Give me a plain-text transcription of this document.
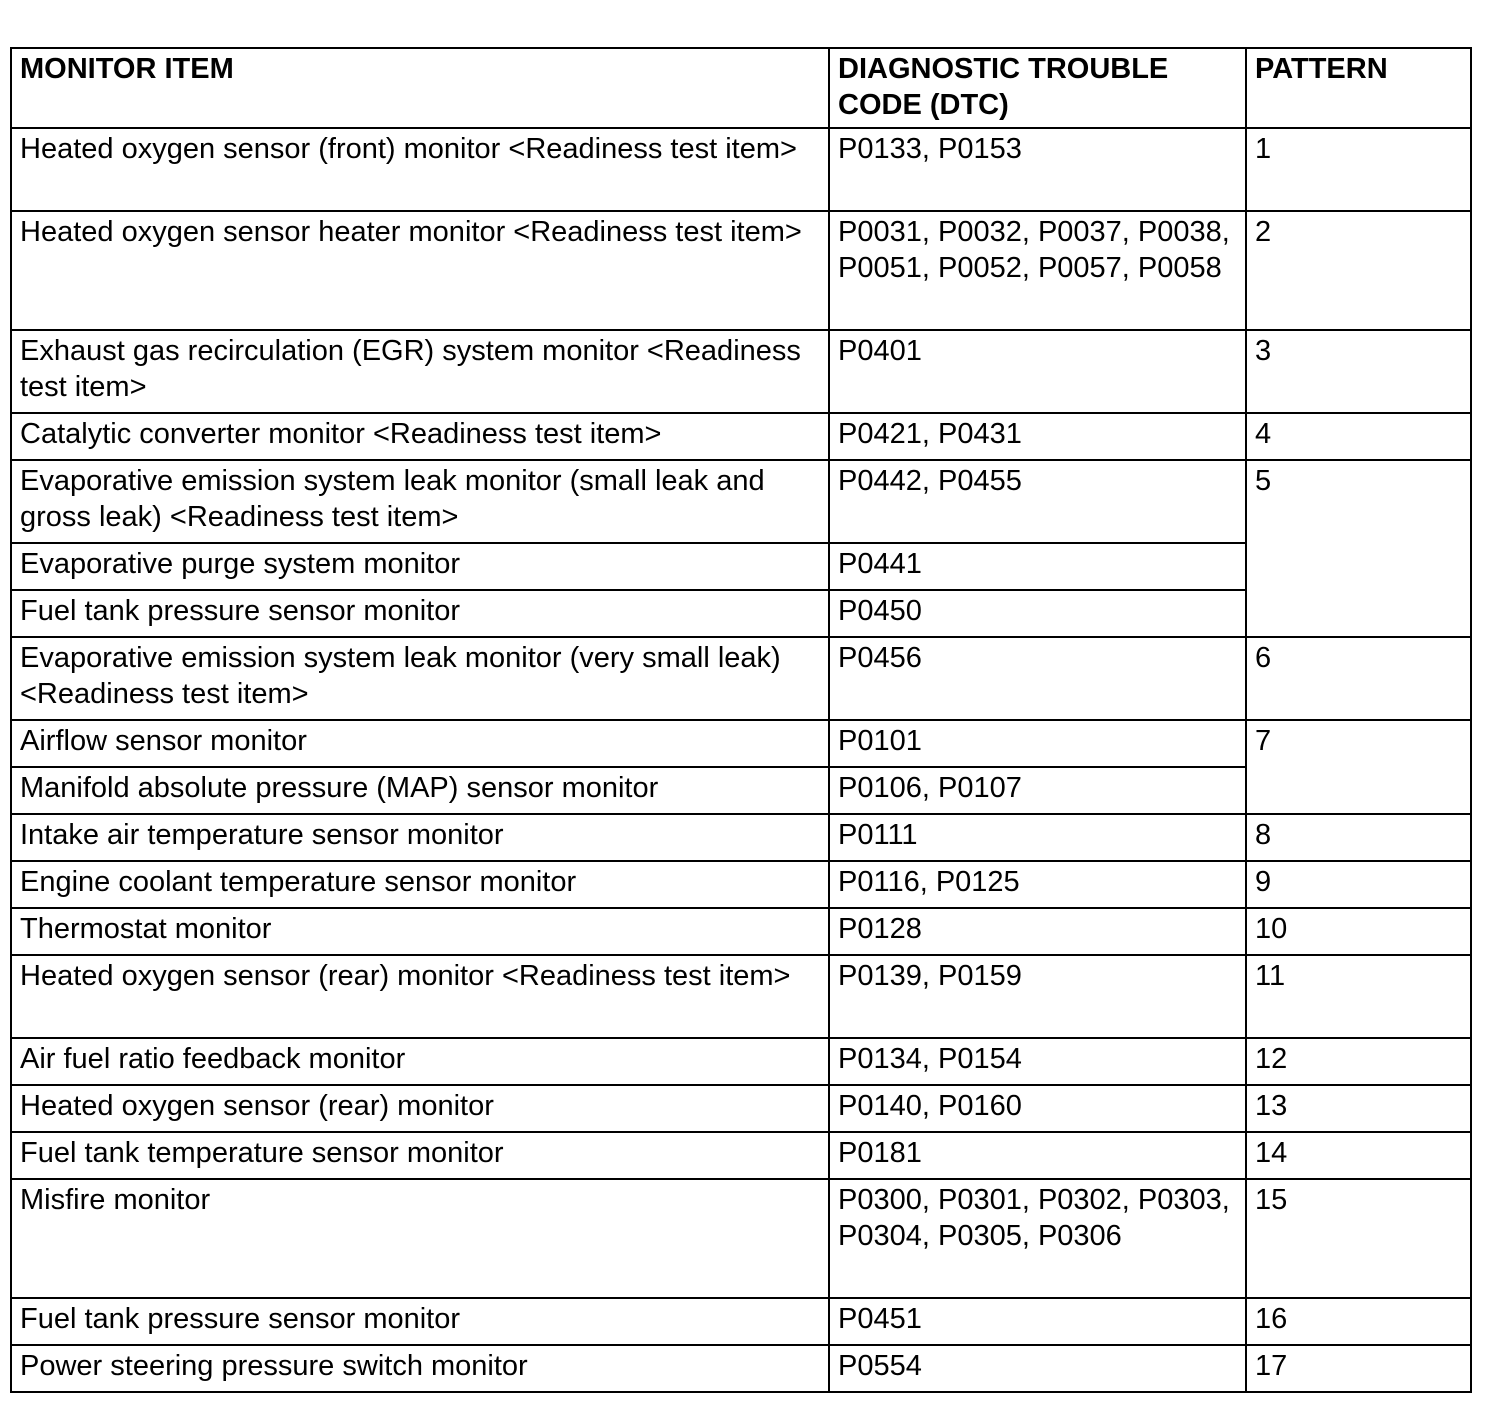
MONITOR ITEM	DIAGNOSTIC TROUBLE CODE (DTC)	PATTERN
Heated oxygen sensor (front) monitor <Readiness test item>	P0133, P0153	1
Heated oxygen sensor heater monitor <Readiness test item>	P0031, P0032, P0037, P0038, P0051, P0052, P0057, P0058	2
Exhaust gas recirculation (EGR) system monitor <Readiness test item>	P0401	3
Catalytic converter monitor <Readiness test item>	P0421, P0431	4
Evaporative emission system leak monitor (small leak and gross leak) <Readiness test item>	P0442, P0455	5
Evaporative purge system monitor	P0441	
Fuel tank pressure sensor monitor	P0450	
Evaporative emission system leak monitor (very small leak) <Readiness test item>	P0456	6
Airflow sensor monitor	P0101	7
Manifold absolute pressure (MAP) sensor monitor	P0106, P0107	
Intake air temperature sensor monitor	P0111	8
Engine coolant temperature sensor monitor	P0116, P0125	9
Thermostat monitor	P0128	10
Heated oxygen sensor (rear) monitor <Readiness test item>	P0139, P0159	11
Air fuel ratio feedback monitor	P0134, P0154	12
Heated oxygen sensor (rear) monitor	P0140, P0160	13
Fuel tank temperature sensor monitor	P0181	14
Misfire monitor	P0300, P0301, P0302, P0303, P0304, P0305, P0306	15
Fuel tank pressure sensor monitor	P0451	16
Power steering pressure switch monitor	P0554	17
